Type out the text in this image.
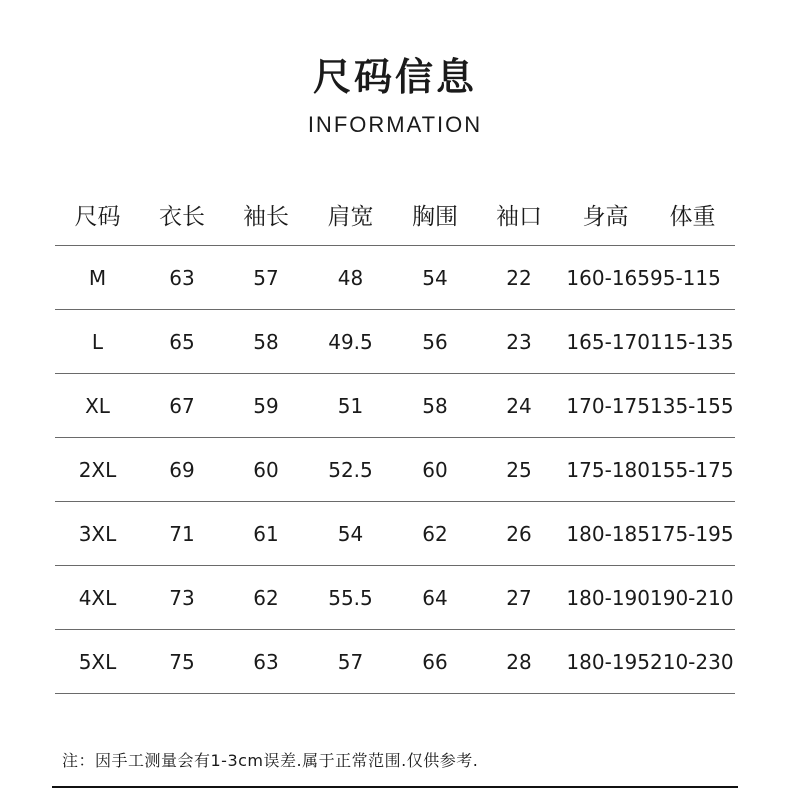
尺码信息
INFORMATION
尺码	衣长	袖长	肩宽	胸围	袖口	身高	体重
M	63	57	48	54	22	160-165 95-115
L	65	58	49.5	56	23	165-170 115-135
XL	67	59	51	58	24	170-175 135-155
2XL	69	60	52.5	60	25	175-180 155-175
3XL	71	61	54	62	26	180-185 175-195
4XL	73	62	55.5	64	27	180-190 190-210
5XL	75	63	57	66	28	180-195 210-230
注：因手工测量会有1-3cm误差.属于正常范围.仅供参考.
